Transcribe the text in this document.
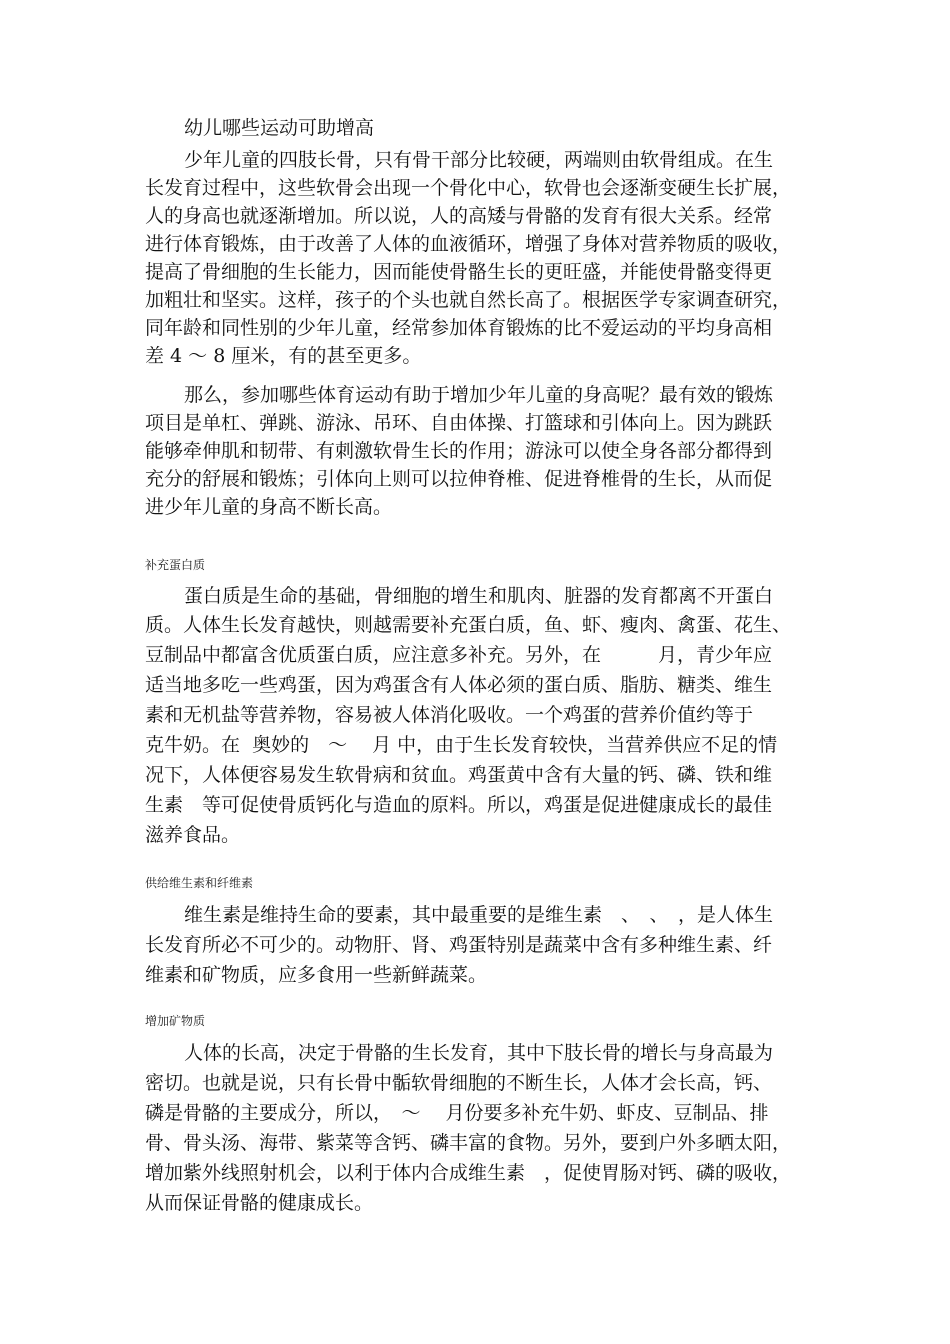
幼儿哪些运动可助增高
少年儿童的四肢长骨，只有骨干部分比较硬，两端则由软骨组成。在生
长发育过程中，这些软骨会出现一个骨化中心，软骨也会逐渐变硬生长扩展，
人的身高也就逐渐增加。所以说，人的高矮与骨骼的发育有很大关系。经常
进行体育锻炼，由于改善了人体的血液循环，增强了身体对营养物质的吸收，
提高了骨细胞的生长能力，因而能使骨骼生长的更旺盛，并能使骨骼变得更
加粗壮和坚实。这样，孩子的个头也就自然长高了。根据医学专家调查研究，
同年龄和同性别的少年儿童，经常参加体育锻炼的比不爱运动的平均身高相
差 4 ～ 8 厘米，有的甚至更多。
那么，参加哪些体育运动有助于增加少年儿童的身高呢？最有效的锻炼
项目是单杠、弹跳、游泳、吊环、自由体操、打篮球和引体向上。因为跳跃
能够牵伸肌和韧带、有刺激软骨生长的作用；游泳可以使全身各部分都得到
充分的舒展和锻炼；引体向上则可以拉伸脊椎、促进脊椎骨的生长，从而促
进少年儿童的身高不断长高。
补充蛋白质
蛋白质是生命的基础，骨细胞的增生和肌肉、脏器的发育都离不开蛋白
质。人体生长发育越快，则越需要补充蛋白质，鱼、虾、瘦肉、禽蛋、花生、
豆制品中都富含优质蛋白质，应注意多补充。另外，在　　　月，青少年应
适当地多吃一些鸡蛋，因为鸡蛋含有人体必须的蛋白质、脂肪、糖类、维生
素和无机盐等营养物，容易被人体消化吸收。一个鸡蛋的营养价值约等于
克牛奶。在  奥妙的　～　 月 中，由于生长发育较快，当营养供应不足的情
况下，人体便容易发生软骨病和贫血。鸡蛋黄中含有大量的钙、磷、铁和维
生素　等可促使骨质钙化与造血的原料。所以，鸡蛋是促进健康成长的最佳
滋养食品。
供给维生素和纤维素
维生素是维持生命的要素，其中最重要的是维生素　、　、　，是人体生
长发育所必不可少的。动物肝、肾、鸡蛋特别是蔬菜中含有多种维生素、纤
维素和矿物质，应多食用一些新鲜蔬菜。
增加矿物质
人体的长高，决定于骨骼的生长发育，其中下肢长骨的增长与身高最为
密切。也就是说，只有长骨中骺软骨细胞的不断生长，人体才会长高，钙、
磷是骨骼的主要成分，所以，　～　 月份要多补充牛奶、虾皮、豆制品、排
骨、骨头汤、海带、紫菜等含钙、磷丰富的食物。另外，要到户外多晒太阳，
增加紫外线照射机会，以利于体内合成维生素　，促使胃肠对钙、磷的吸收，
从而保证骨骼的健康成长。
